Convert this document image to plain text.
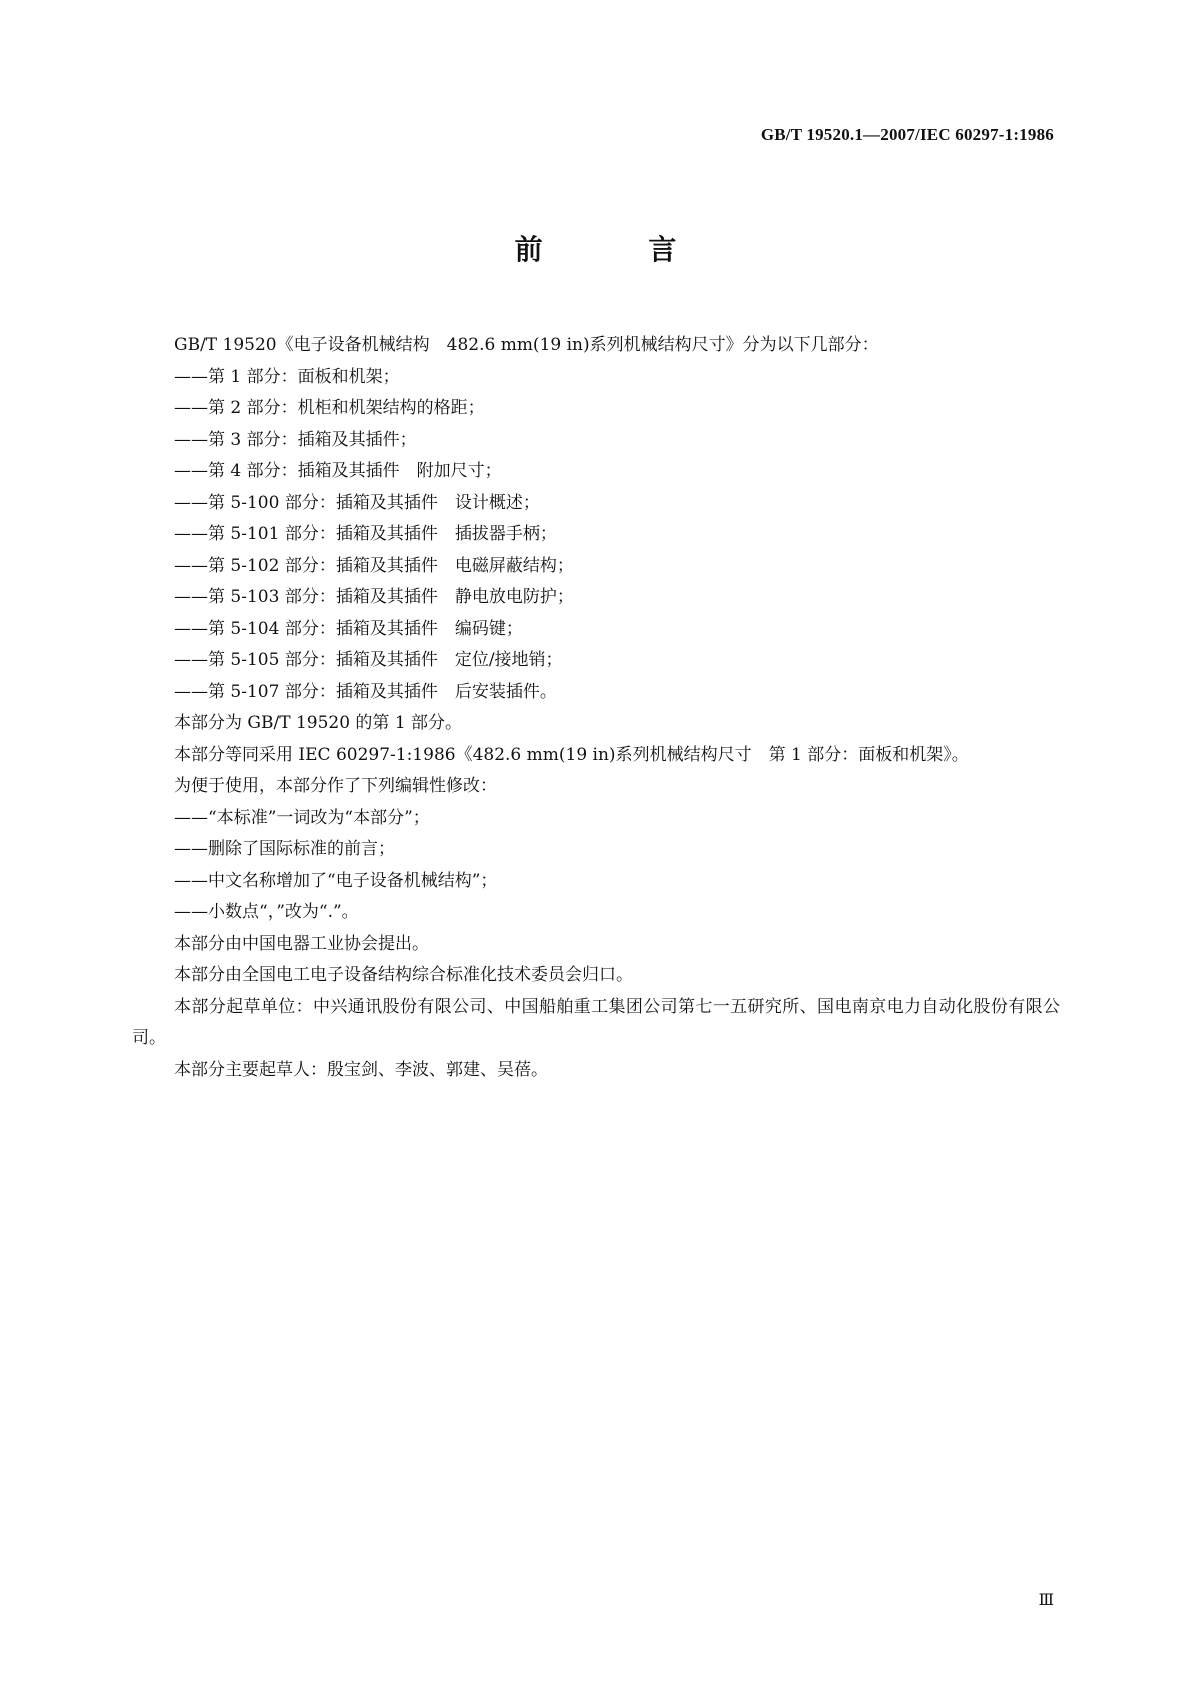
GB/T 19520.1—2007/IEC 60297-1:1986
前 言

GB/T 19520《电子设备机械结构　482.6 mm(19 in)系列机械结构尺寸》分为以下几部分：

——第 1 部分：面板和机架；

——第 2 部分：机柜和机架结构的格距；

——第 3 部分：插箱及其插件；

——第 4 部分：插箱及其插件　附加尺寸；

——第 5-100 部分：插箱及其插件　设计概述；

——第 5-101 部分：插箱及其插件　插拔器手柄；

——第 5-102 部分：插箱及其插件　电磁屏蔽结构；

——第 5-103 部分：插箱及其插件　静电放电防护；

——第 5-104 部分：插箱及其插件　编码键；

——第 5-105 部分：插箱及其插件　定位/接地销；

——第 5-107 部分：插箱及其插件　后安装插件。

本部分为 GB/T 19520 的第 1 部分。

本部分等同采用 IEC 60297-1:1986《482.6 mm(19 in)系列机械结构尺寸　第 1 部分：面板和机架》。

为便于使用，本部分作了下列编辑性修改：

——“本标准”一词改为“本部分”；

——删除了国际标准的前言；

——中文名称增加了“电子设备机械结构”；

——小数点“，”改为“.”。

本部分由中国电器工业协会提出。

本部分由全国电工电子设备结构综合标准化技术委员会归口。

本部分起草单位：中兴通讯股份有限公司、中国船舶重工集团公司第七一五研究所、国电南京电力自动化股份有限公司。

本部分主要起草人：殷宝剑、李波、郭建、吴蓓。

Ⅲ
